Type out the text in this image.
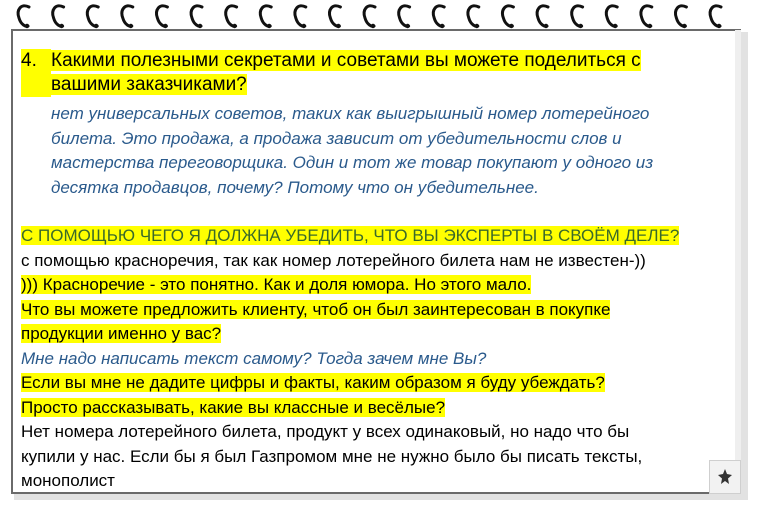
4. Какими полезными секретами и советами вы можете поделиться с
вашими заказчиками?
нет универсальных советов, таких как выигрышный номер лотерейного
билета. Это продажа, а продажа зависит от убедительности слов и
мастерства переговорщика. Один и тот же товар покупают у одного из
десятка продавцов, почему? Потому что он убедительнее.
С ПОМОЩЬЮ ЧЕГО Я ДОЛЖНА УБЕДИТЬ, ЧТО ВЫ ЭКСПЕРТЫ В СВОЁМ ДЕЛЕ?
с помощью красноречия, так как номер лотерейного билета нам не известен-))
))) Красноречие - это понятно. Как и доля юмора. Но этого мало.
Что вы можете предложить клиенту, чтоб он был заинтересован в покупке
продукции именно у вас?
Мне надо написать текст самому? Тогда зачем мне Вы?
Если вы мне не дадите цифры и факты, каким образом я буду убеждать?
Просто рассказывать, какие вы классные и весёлые?
Нет номера лотерейного билета, продукт у всех одинаковый, но надо что бы
купили у нас. Если бы я был Газпромом мне не нужно было бы писать тексты,
монополист
